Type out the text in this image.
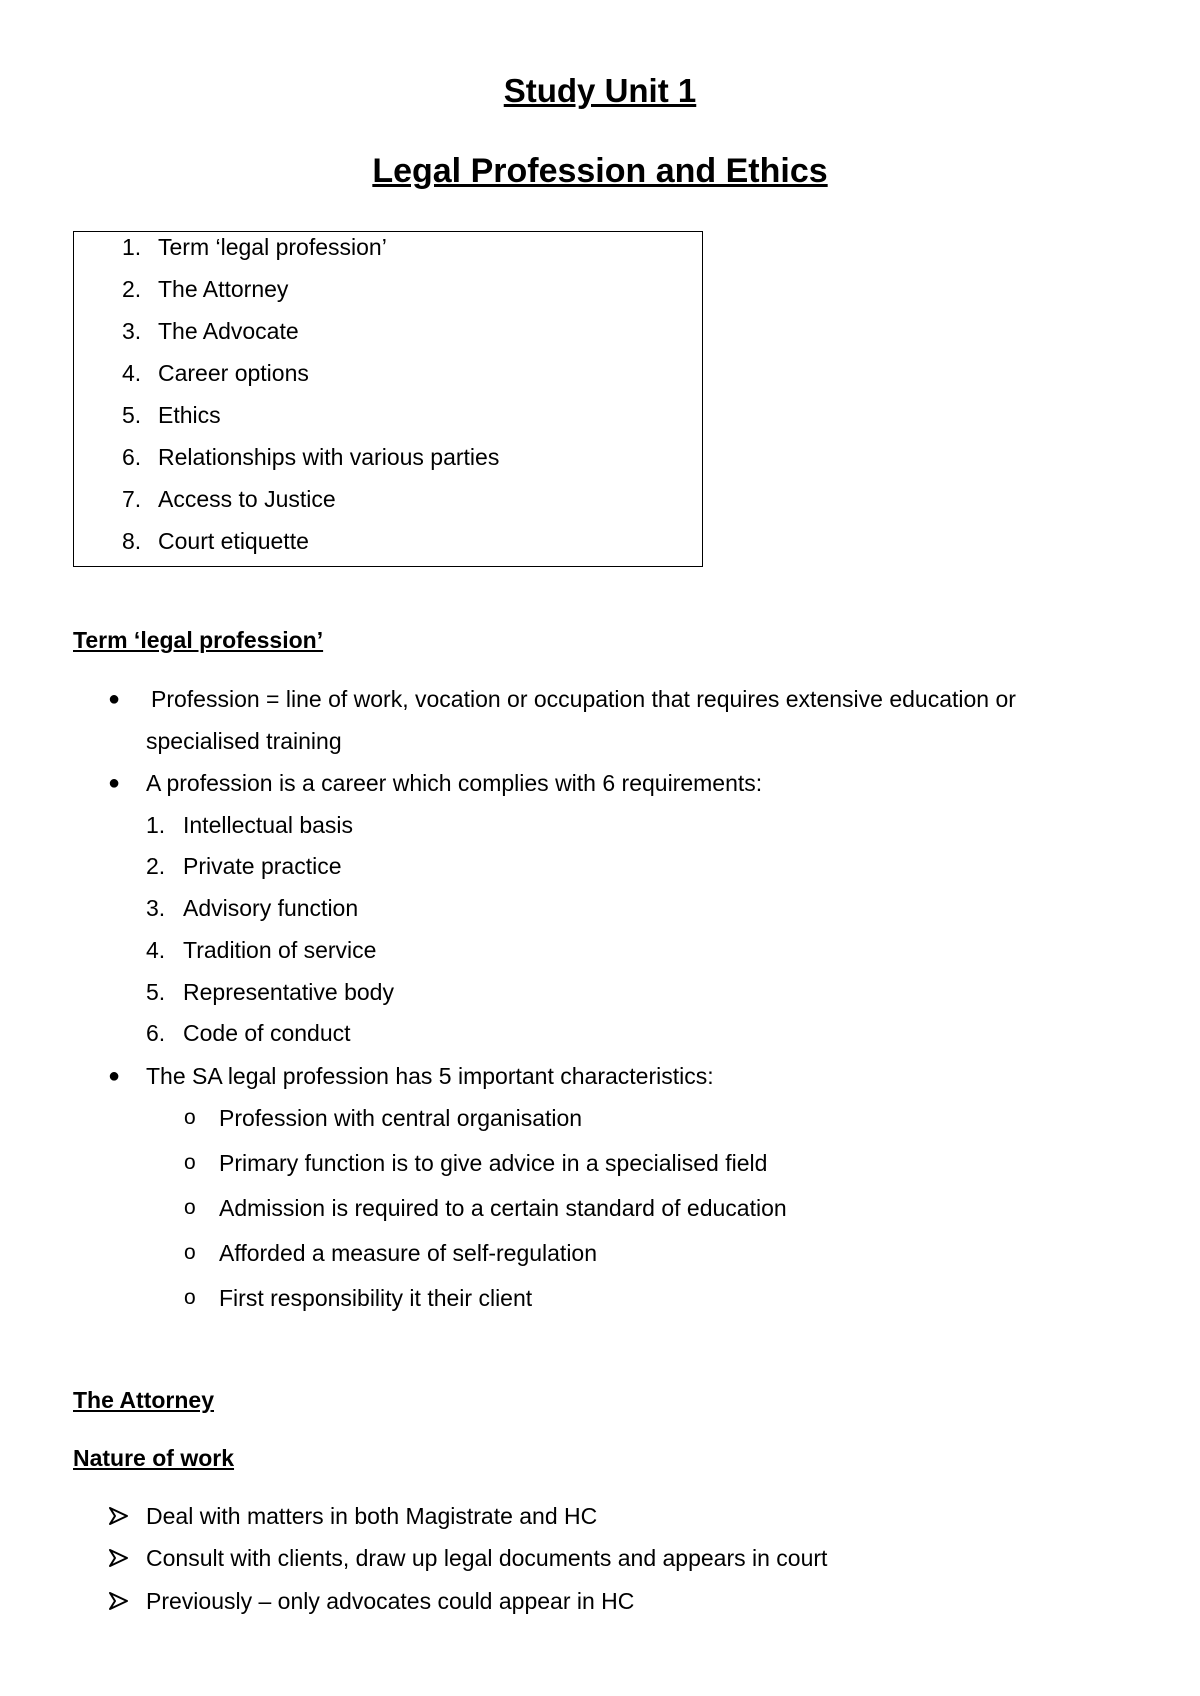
Study Unit 1
Legal Profession and Ethics
1. Term ‘legal profession’
2. The Attorney
3. The Advocate
4. Career options
5. Ethics
6. Relationships with various parties
7. Access to Justice
8. Court etiquette
Term ‘legal profession’
● Profession = line of work, vocation or occupation that requires extensive education or
specialised training
● A profession is a career which complies with 6 requirements:
1. Intellectual basis
2. Private practice
3. Advisory function
4. Tradition of service
5. Representative body
6. Code of conduct
● The SA legal profession has 5 important characteristics:
o Profession with central organisation
o Primary function is to give advice in a specialised field
o Admission is required to a certain standard of education
o Afforded a measure of self-regulation
o First responsibility it their client
The Attorney
Nature of work
Deal with matters in both Magistrate and HC
Consult with clients, draw up legal documents and appears in court
Previously – only advocates could appear in HC
